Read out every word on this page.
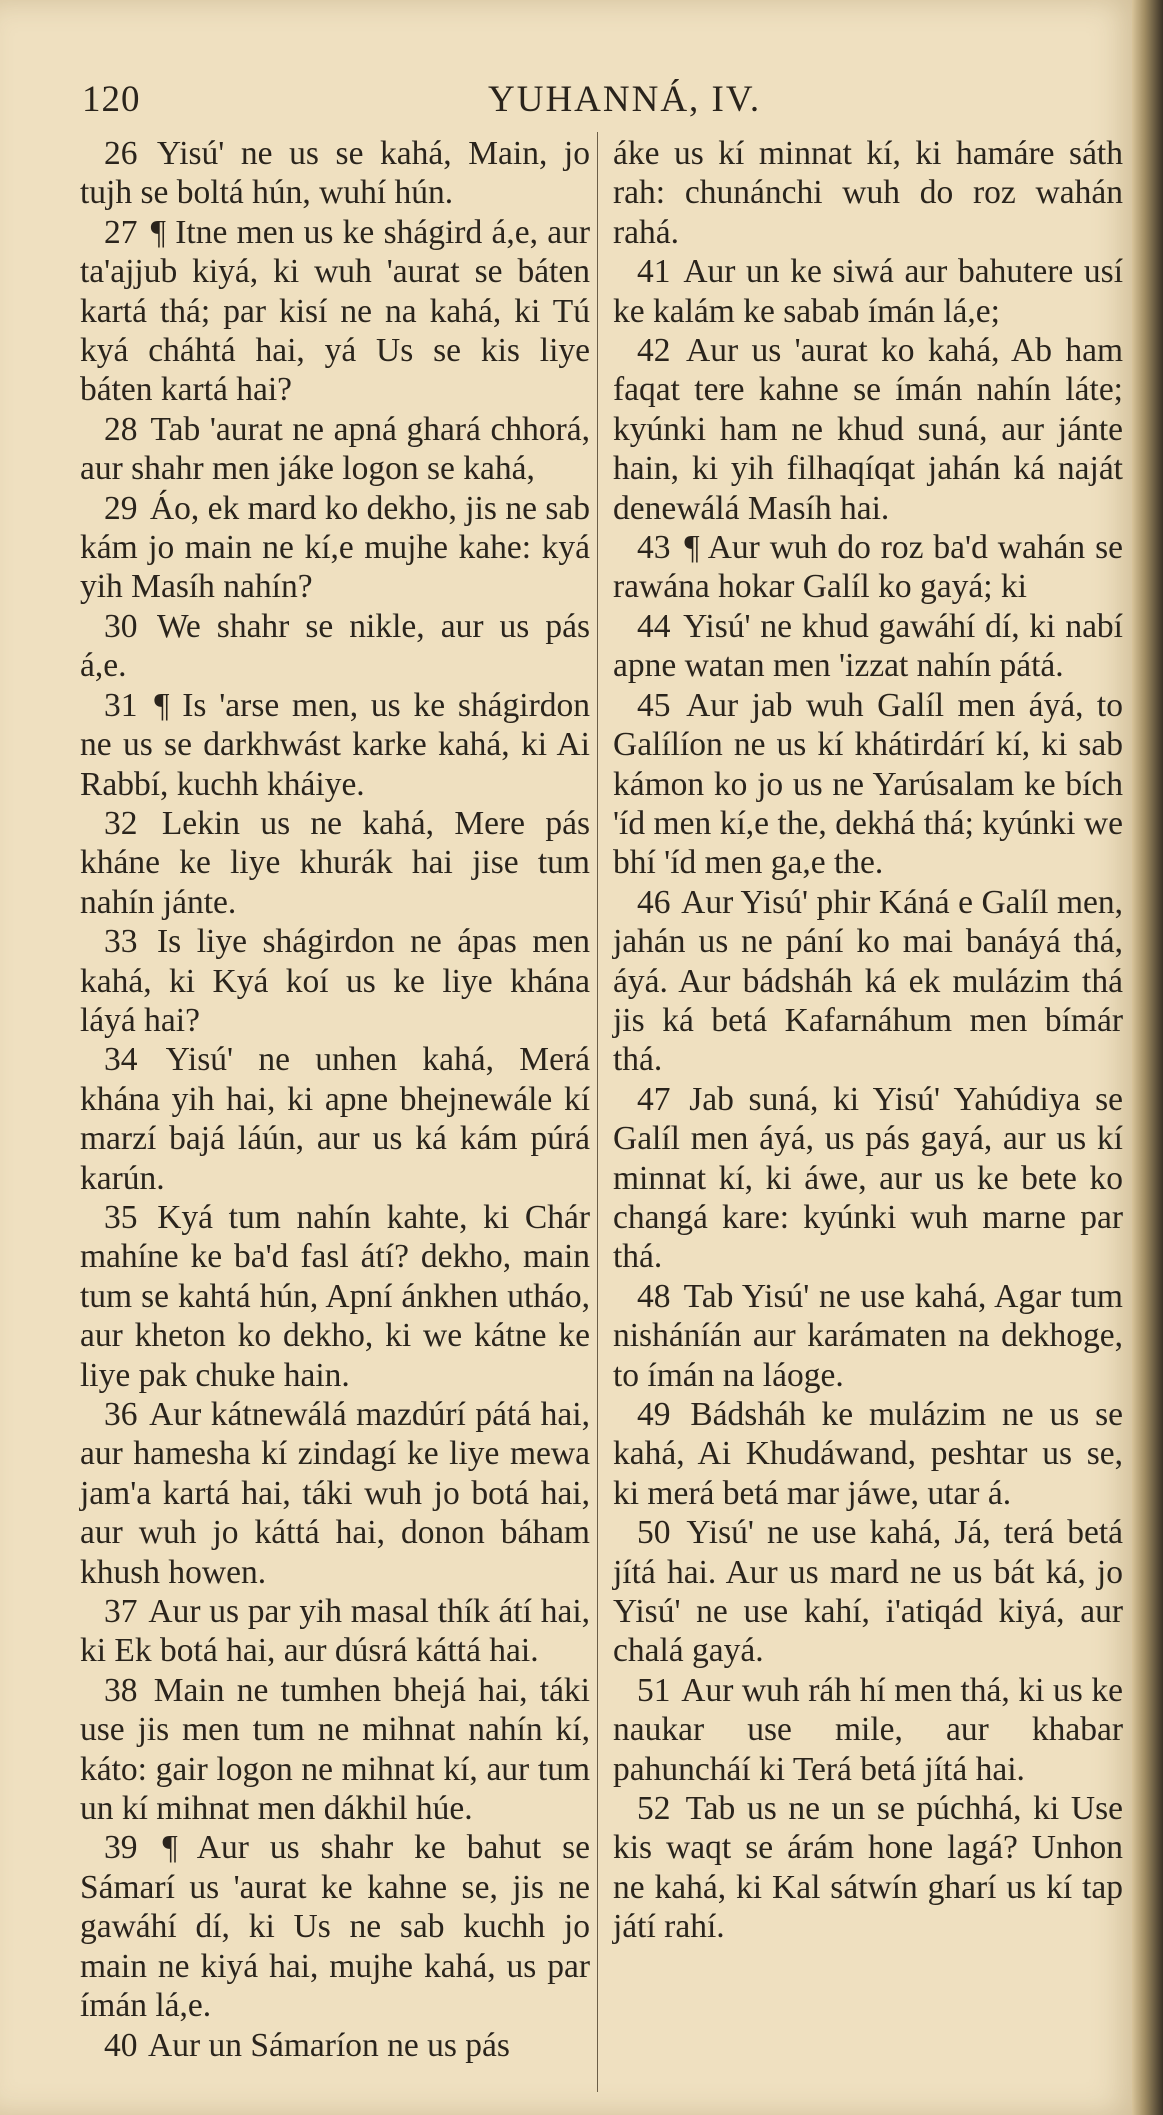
120	YUHANNÁ, IV.
26 Yisú' ne us se kahá, Main, jo tujh se boltá hún, wuhí hún.
27 ¶ Itne men us ke shágird á,e, aur ta'ajjub kiyá, ki wuh 'aurat se báten kartá thá; par kisí ne na kahá, ki Tú kyá cháhtá hai, yá Us se kis liye báten kartá hai?
28 Tab 'aurat ne apná ghará chhorá, aur shahr men jáke logon se kahá,
29 Áo, ek mard ko dekho, jis ne sab kám jo main ne kí,e mujhe kahe: kyá yih Masíh nahín?
30 We shahr se nikle, aur us pás á,e.
31 ¶ Is 'arse men, us ke shágirdon ne us se darkhwást karke kahá, ki Ai Rabbí, kuchh kháiye.
32 Lekin us ne kahá, Mere pás kháne ke liye khurák hai jise tum nahín jánte.
33 Is liye shágirdon ne ápas men kahá, ki Kyá koí us ke liye khána láyá hai?
34 Yisú' ne unhen kahá, Merá khána yih hai, ki apne bhejnewále kí marzí bajá láún, aur us ká kám púrá karún.
35 Kyá tum nahín kahte, ki Chár mahíne ke ba'd fasl átí? dekho, main tum se kahtá hún, Apní ánkhen utháo, aur kheton ko dekho, ki we kátne ke liye pak chuke hain.
36 Aur kátnewálá mazdúrí pátá hai, aur hamesha kí zindagí ke liye mewa jam'a kartá hai, táki wuh jo botá hai, aur wuh jo káttá hai, donon báham khush howen.
37 Aur us par yih masal thík átí hai, ki Ek botá hai, aur dúsrá káttá hai.
38 Main ne tumhen bhejá hai, táki use jis men tum ne mihnat nahín kí, káto: gair logon ne mihnat kí, aur tum un kí mihnat men dákhil húe.
39 ¶ Aur us shahr ke bahut se Sámarí us 'aurat ke kahne se, jis ne gawáhí dí, ki Us ne sab kuchh jo main ne kiyá hai, mujhe kahá, us par ímán lá,e.
40 Aur un Sámaríon ne us pás
áke us kí minnat kí, ki hamáre sáth rah: chunánchi wuh do roz wahán rahá.
41 Aur un ke siwá aur bahutere usí ke kalám ke sabab ímán lá,e;
42 Aur us 'aurat ko kahá, Ab ham faqat tere kahne se ímán nahín láte; kyúnki ham ne khud suná, aur jánte hain, ki yih filhaqíqat jahán ká naját denewálá Masíh hai.
43 ¶ Aur wuh do roz ba'd wahán se rawána hokar Galíl ko gayá; ki
44 Yisú' ne khud gawáhí dí, ki nabí apne watan men 'izzat nahín pátá.
45 Aur jab wuh Galíl men áyá, to Galílíon ne us kí khátirdárí kí, ki sab kámon ko jo us ne Yarúsalam ke bích 'íd men kí,e the, dekhá thá; kyúnki we bhí 'íd men ga,e the.
46 Aur Yisú' phir Káná e Galíl men, jahán us ne pání ko mai banáyá thá, áyá. Aur bádsháh ká ek mulázim thá jis ká betá Kafarnáhum men bímár thá.
47 Jab suná, ki Yisú' Yahúdiya se Galíl men áyá, us pás gayá, aur us kí minnat kí, ki áwe, aur us ke bete ko changá kare: kyúnki wuh marne par thá.
48 Tab Yisú' ne use kahá, Agar tum nisháníán aur karámaten na dekhoge, to ímán na láoge.
49 Bádsháh ke mulázim ne us se kahá, Ai Khudáwand, peshtar us se, ki merá betá mar jáwe, utar á.
50 Yisú' ne use kahá, Já, terá betá jítá hai. Aur us mard ne us bát ká, jo Yisú' ne use kahí, i'atiqád kiyá, aur chalá gayá.
51 Aur wuh ráh hí men thá, ki us ke naukar use mile, aur khabar pahuncháí ki Terá betá jítá hai.
52 Tab us ne un se púchhá, ki Use kis waqt se árám hone lagá? Unhon ne kahá, ki Kal sátwín gharí us kí tap játí rahí.
